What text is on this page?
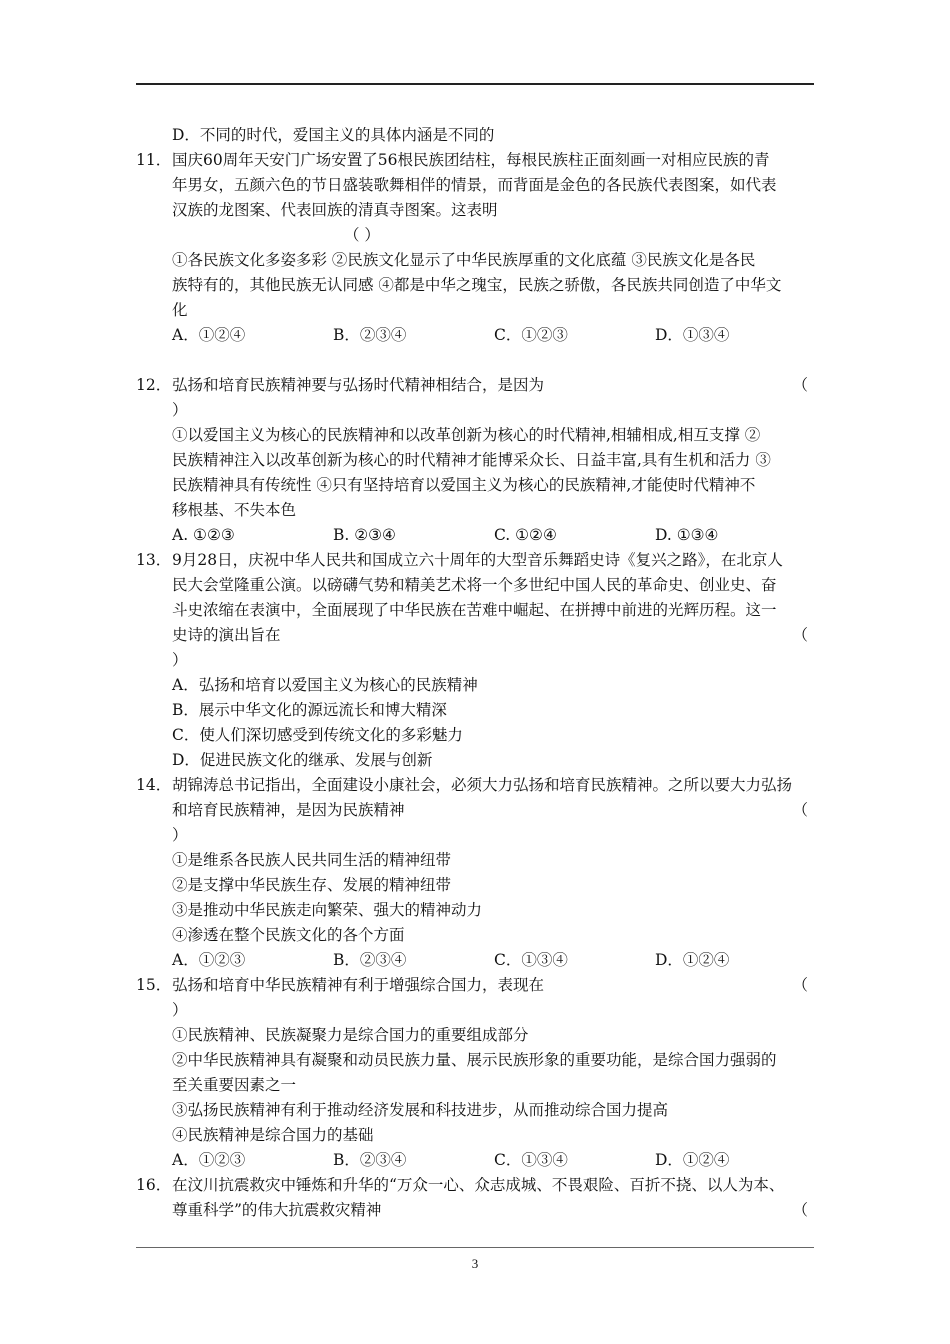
D．不同的时代，爱国主义的具体内涵是不同的
11． 国庆60周年天安门广场安置了56根民族团结柱，每根民族柱正面刻画一对相应民族的青
年男女，五颜六色的节日盛装歌舞相伴的情景，而背面是金色的各民族代表图案，如代表
汉族的龙图案、代表回族的清真寺图案。这表明
（ ）
①各民族文化多姿多彩 ②民族文化显示了中华民族厚重的文化底蕴 ③民族文化是各民
族特有的，其他民族无认同感 ④都是中华之瑰宝，民族之骄傲，各民族共同创造了中华文
化
A．①②④	B．②③④	C．①②③	D．①③④
12． 弘扬和培育民族精神要与弘扬时代精神相结合，是因为	（
）
①以爱国主义为核心的民族精神和以改革创新为核心的时代精神,相辅相成,相互支撑 ②
民族精神注入以改革创新为核心的时代精神才能博采众长、日益丰富,具有生机和活力 ③
民族精神具有传统性 ④只有坚持培育以爱国主义为核心的民族精神,才能使时代精神不
移根基、不失本色
A. ①②③	B. ②③④	C. ①②④	D. ①③④
13． 9月28日，庆祝中华人民共和国成立六十周年的大型音乐舞蹈史诗《复兴之路》，在北京人
民大会堂隆重公演。以磅礴气势和精美艺术将一个多世纪中国人民的革命史、创业史、奋
斗史浓缩在表演中，全面展现了中华民族在苦难中崛起、在拼搏中前进的光辉历程。这一
史诗的演出旨在	（
）
A．弘扬和培育以爱国主义为核心的民族精神
B．展示中华文化的源远流长和博大精深
C．使人们深切感受到传统文化的多彩魅力
D．促进民族文化的继承、发展与创新
14． 胡锦涛总书记指出，全面建设小康社会，必须大力弘扬和培育民族精神。之所以要大力弘扬
和培育民族精神，是因为民族精神	（
）
①是维系各民族人民共同生活的精神纽带
②是支撑中华民族生存、发展的精神纽带
③是推动中华民族走向繁荣、强大的精神动力
④渗透在整个民族文化的各个方面
A．①②③	B．②③④	C．①③④	D．①②④
15． 弘扬和培育中华民族精神有利于增强综合国力，表现在	（
）
①民族精神、民族凝聚力是综合国力的重要组成部分
②中华民族精神具有凝聚和动员民族力量、展示民族形象的重要功能，是综合国力强弱的
至关重要因素之一
③弘扬民族精神有利于推动经济发展和科技进步，从而推动综合国力提高
④民族精神是综合国力的基础
A．①②③	B．②③④	C．①③④	D．①②④
16． 在汶川抗震救灾中锤炼和升华的“万众一心、众志成城、不畏艰险、百折不挠、以人为本、
尊重科学”的伟大抗震救灾精神	（
3
